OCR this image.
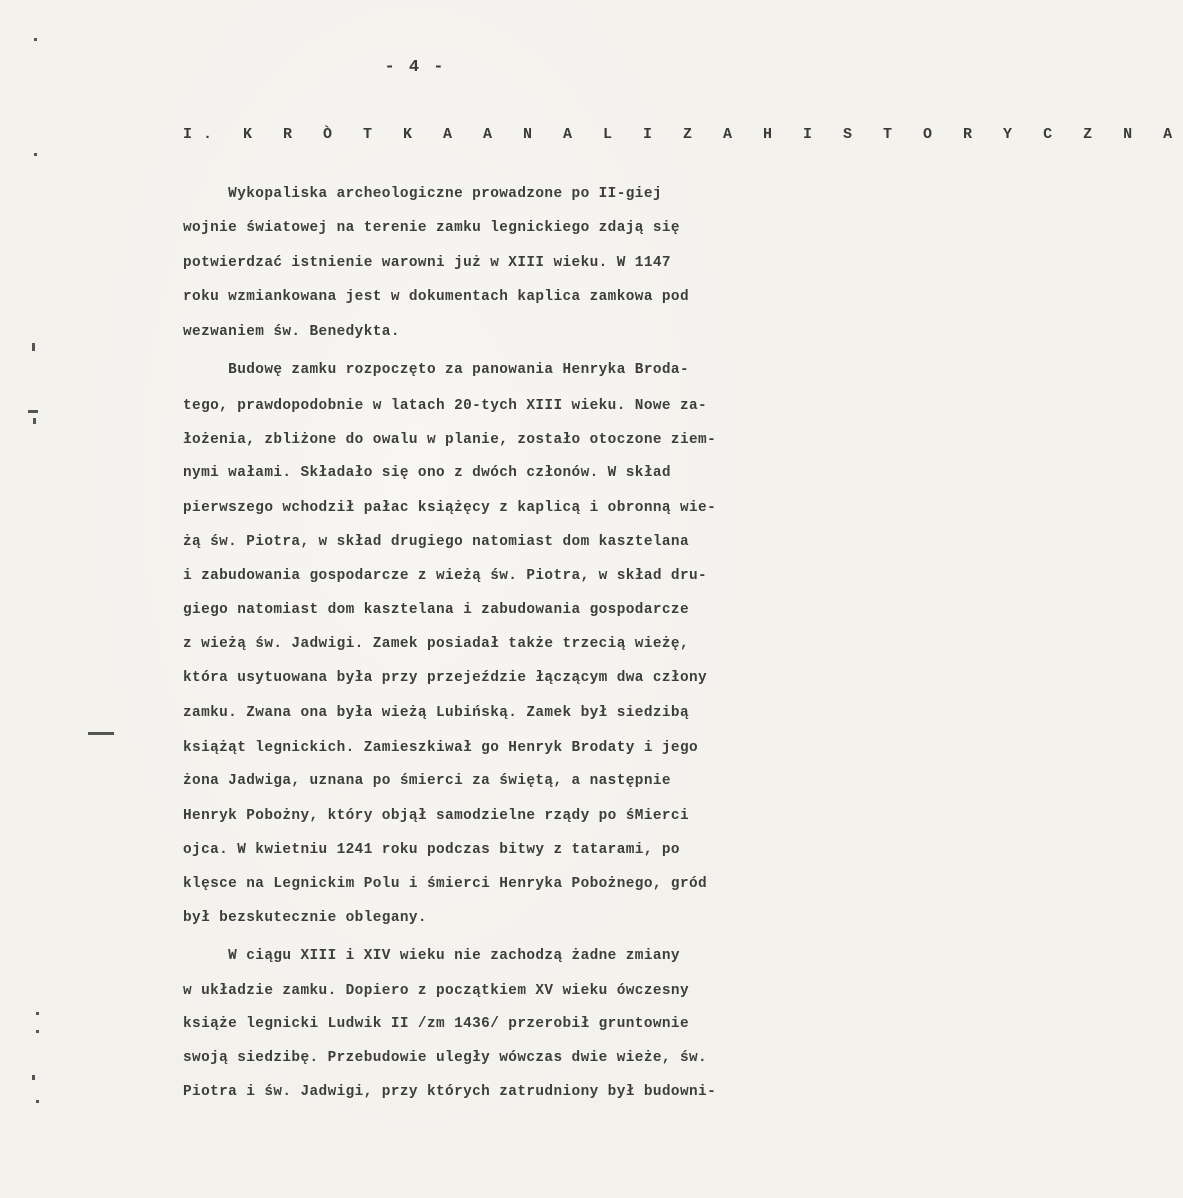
- 4 -
I. K R Ò T K A A N A L I Z A H I S T O R Y C Z N A
Wykopaliska archeologiczne prowadzone po II-giej
wojnie światowej na terenie zamku legnickiego zdają się
potwierdzać istnienie warowni już w XIII wieku. W 1147
roku wzmiankowana jest w dokumentach kaplica zamkowa pod
wezwaniem św. Benedykta.
Budowę zamku rozpoczęto za panowania Henryka Broda-
tego, prawdopodobnie w latach 20-tych XIII wieku. Nowe za-
łożenia, zbliżone do owalu w planie, zostało otoczone ziem-
nymi wałami. Składało się ono z dwóch członów. W skład
pierwszego wchodził pałac książęcy z kaplicą i obronną wie-
żą św. Piotra, w skład drugiego natomiast dom kasztelana
i zabudowania gospodarcze z wieżą św. Piotra, w skład dru-
giego natomiast dom kasztelana i zabudowania gospodarcze
z wieżą św. Jadwigi. Zamek posiadał także trzecią wieżę,
która usytuowana była przy przejeździe łączącym dwa człony
zamku. Zwana ona była wieżą Lubińską. Zamek był siedzibą
książąt legnickich. Zamieszkiwał go Henryk Brodaty i jego
żona Jadwiga, uznana po śmierci za świętą, a następnie
Henryk Pobożny, który objął samodzielne rządy po śMierci
ojca. W kwietniu 1241 roku podczas bitwy z tatarami, po
klęsce na Legnickim Polu i śmierci Henryka Pobożnego, gród
był bezskutecznie oblegany.
W ciągu XIII i XIV wieku nie zachodzą żadne zmiany
w układzie zamku. Dopiero z początkiem XV wieku ówczesny
książe legnicki Ludwik II /zm 1436/ przerobił gruntownie
swoją siedzibę. Przebudowie uległy wówczas dwie wieże, św.
Piotra i św. Jadwigi, przy których zatrudniony był budowni-
